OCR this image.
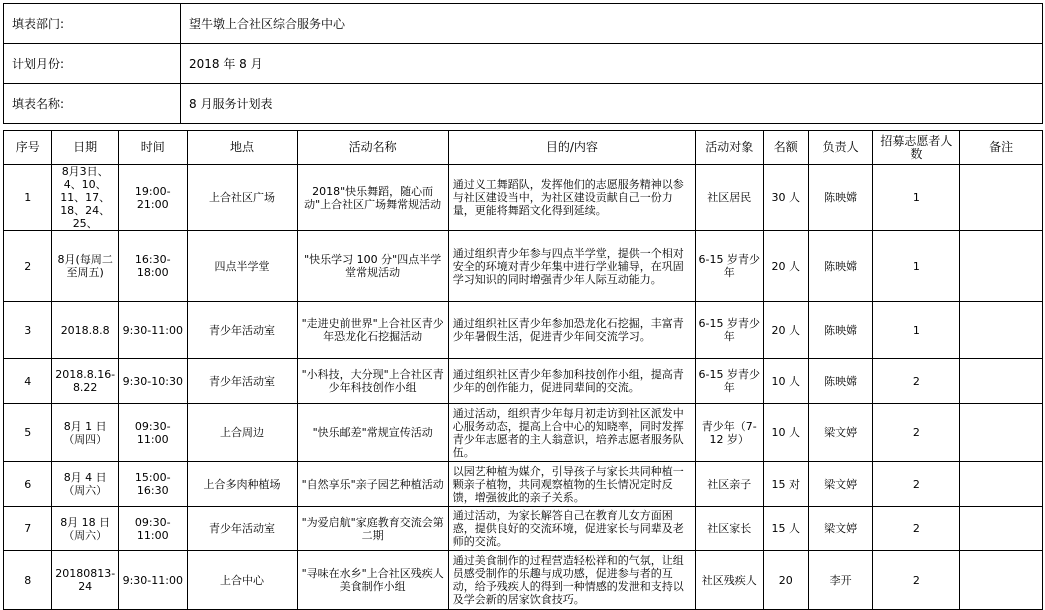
填表部门:	望牛墩上合社区综合服务中心
计划月份:	2018 年 8 月
填表名称:	8 月服务计划表
序号	日期	时间	地点	活动名称	目的/内容	活动对象	名额	负责人	招募志愿者人数	备注
1	8月3日、4、10、11、17、18、24、25、	19:00-21:00	上合社区广场	2018"快乐舞蹈，随心而动"上合社区广场舞常规活动	通过义工舞蹈队，发挥他们的志愿服务精神以参与社区建设当中，为社区建设贡献自己一份力量，更能将舞蹈文化得到延续。	社区居民	30 人	陈映嫦	1	
2	8月(每周二至周五)	16:30-18:00	四点半学堂	"快乐学习 100 分"四点半学堂常规活动	通过组织青少年参与四点半学堂，提供一个相对安全的环境对青少年集中进行学业辅导，在巩固学习知识的同时增强青少年人际互动能力。	6-15 岁青少年	20 人	陈映嫦	1	
3	2018.8.8	9:30-11:00	青少年活动室	"走进史前世界"上合社区青少年恐龙化石挖掘活动	通过组织社区青少年参加恐龙化石挖掘，丰富青少年暑假生活，促进青少年间交流学习。	6-15 岁青少年	20 人	陈映嫦	1	
4	2018.8.16-8.22	9:30-10:30	青少年活动室	"小科技，大分现"上合社区青少年科技创作小组	通过组织社区青少年参加科技创作小组，提高青少年的创作能力，促进同辈间的交流。	6-15 岁青少年	10 人	陈映嫦	2	
5	8月 1 日（周四）	09:30-11:00	上合周边	"快乐邮差"常规宣传活动	通过活动，组织青少年每月初走访到社区派发中心服务动态，提高上合中心的知晓率，同时发挥青少年志愿者的主人翁意识，培养志愿者服务队伍。	青少年（7-12 岁）	10 人	梁文婷	2	
6	8月 4 日（周六）	15:00-16:30	上合多肉种植场	"自然享乐"亲子园艺种植活动	以园艺种植为媒介，引导孩子与家长共同种植一颗亲子植物，共同观察植物的生长情况定时反馈，增强彼此的亲子关系。	社区亲子	15 对	梁文婷	2	
7	8月 18 日（周六）	09:30-11:00	青少年活动室	"为爱启航"家庭教育交流会第二期	通过活动，为家长解答自己在教育儿女方面困惑，提供良好的交流环境，促进家长与同辈及老师的交流。	社区家长	15 人	梁文婷	2	
8	20180813-24	9:30-11:00	上合中心	"寻味在水乡"上合社区残疾人美食制作小组	通过美食制作的过程营造轻松祥和的气氛，让组员感受制作的乐趣与成功感，促进参与者的互动，给予残疾人的得到一种情感的发泄和支持以及学会新的居家饮食技巧。	社区残疾人	20	李开	2	
